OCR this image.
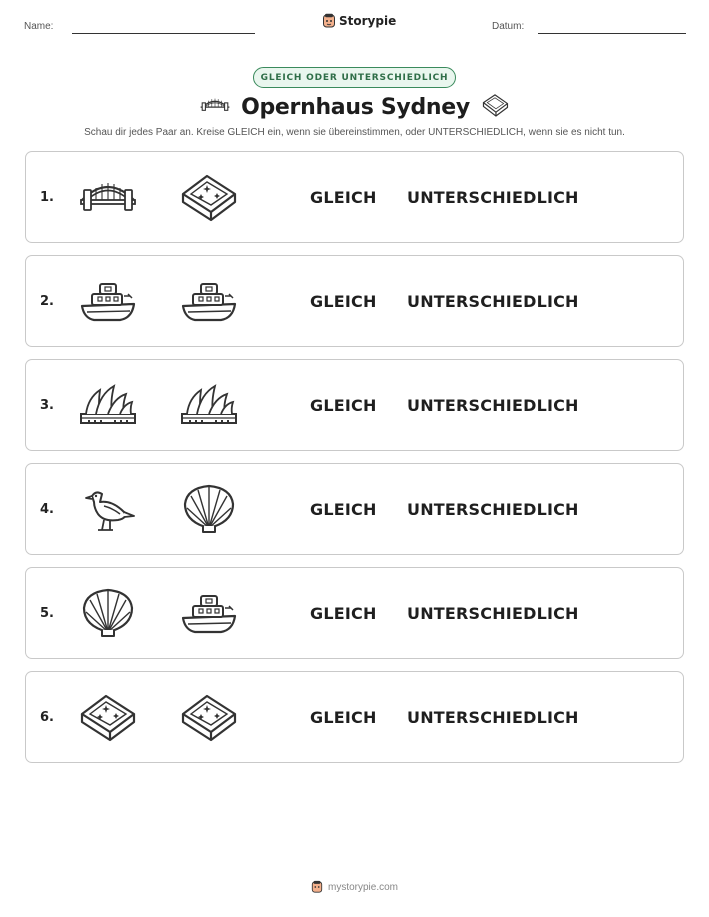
Name:	Storypie	Datum:
GLEICH ODER UNTERSCHIEDLICH
Opernhaus Sydney
Schau dir jedes Paar an. Kreise GLEICH ein, wenn sie übereinstimmen, oder UNTERSCHIEDLICH, wenn sie es nicht tun.
1.	GLEICH UNTERSCHIEDLICH
2.	GLEICH UNTERSCHIEDLICH
3.	GLEICH UNTERSCHIEDLICH
4.	GLEICH UNTERSCHIEDLICH
5.	GLEICH UNTERSCHIEDLICH
6.	GLEICH UNTERSCHIEDLICH
mystorypie.com
